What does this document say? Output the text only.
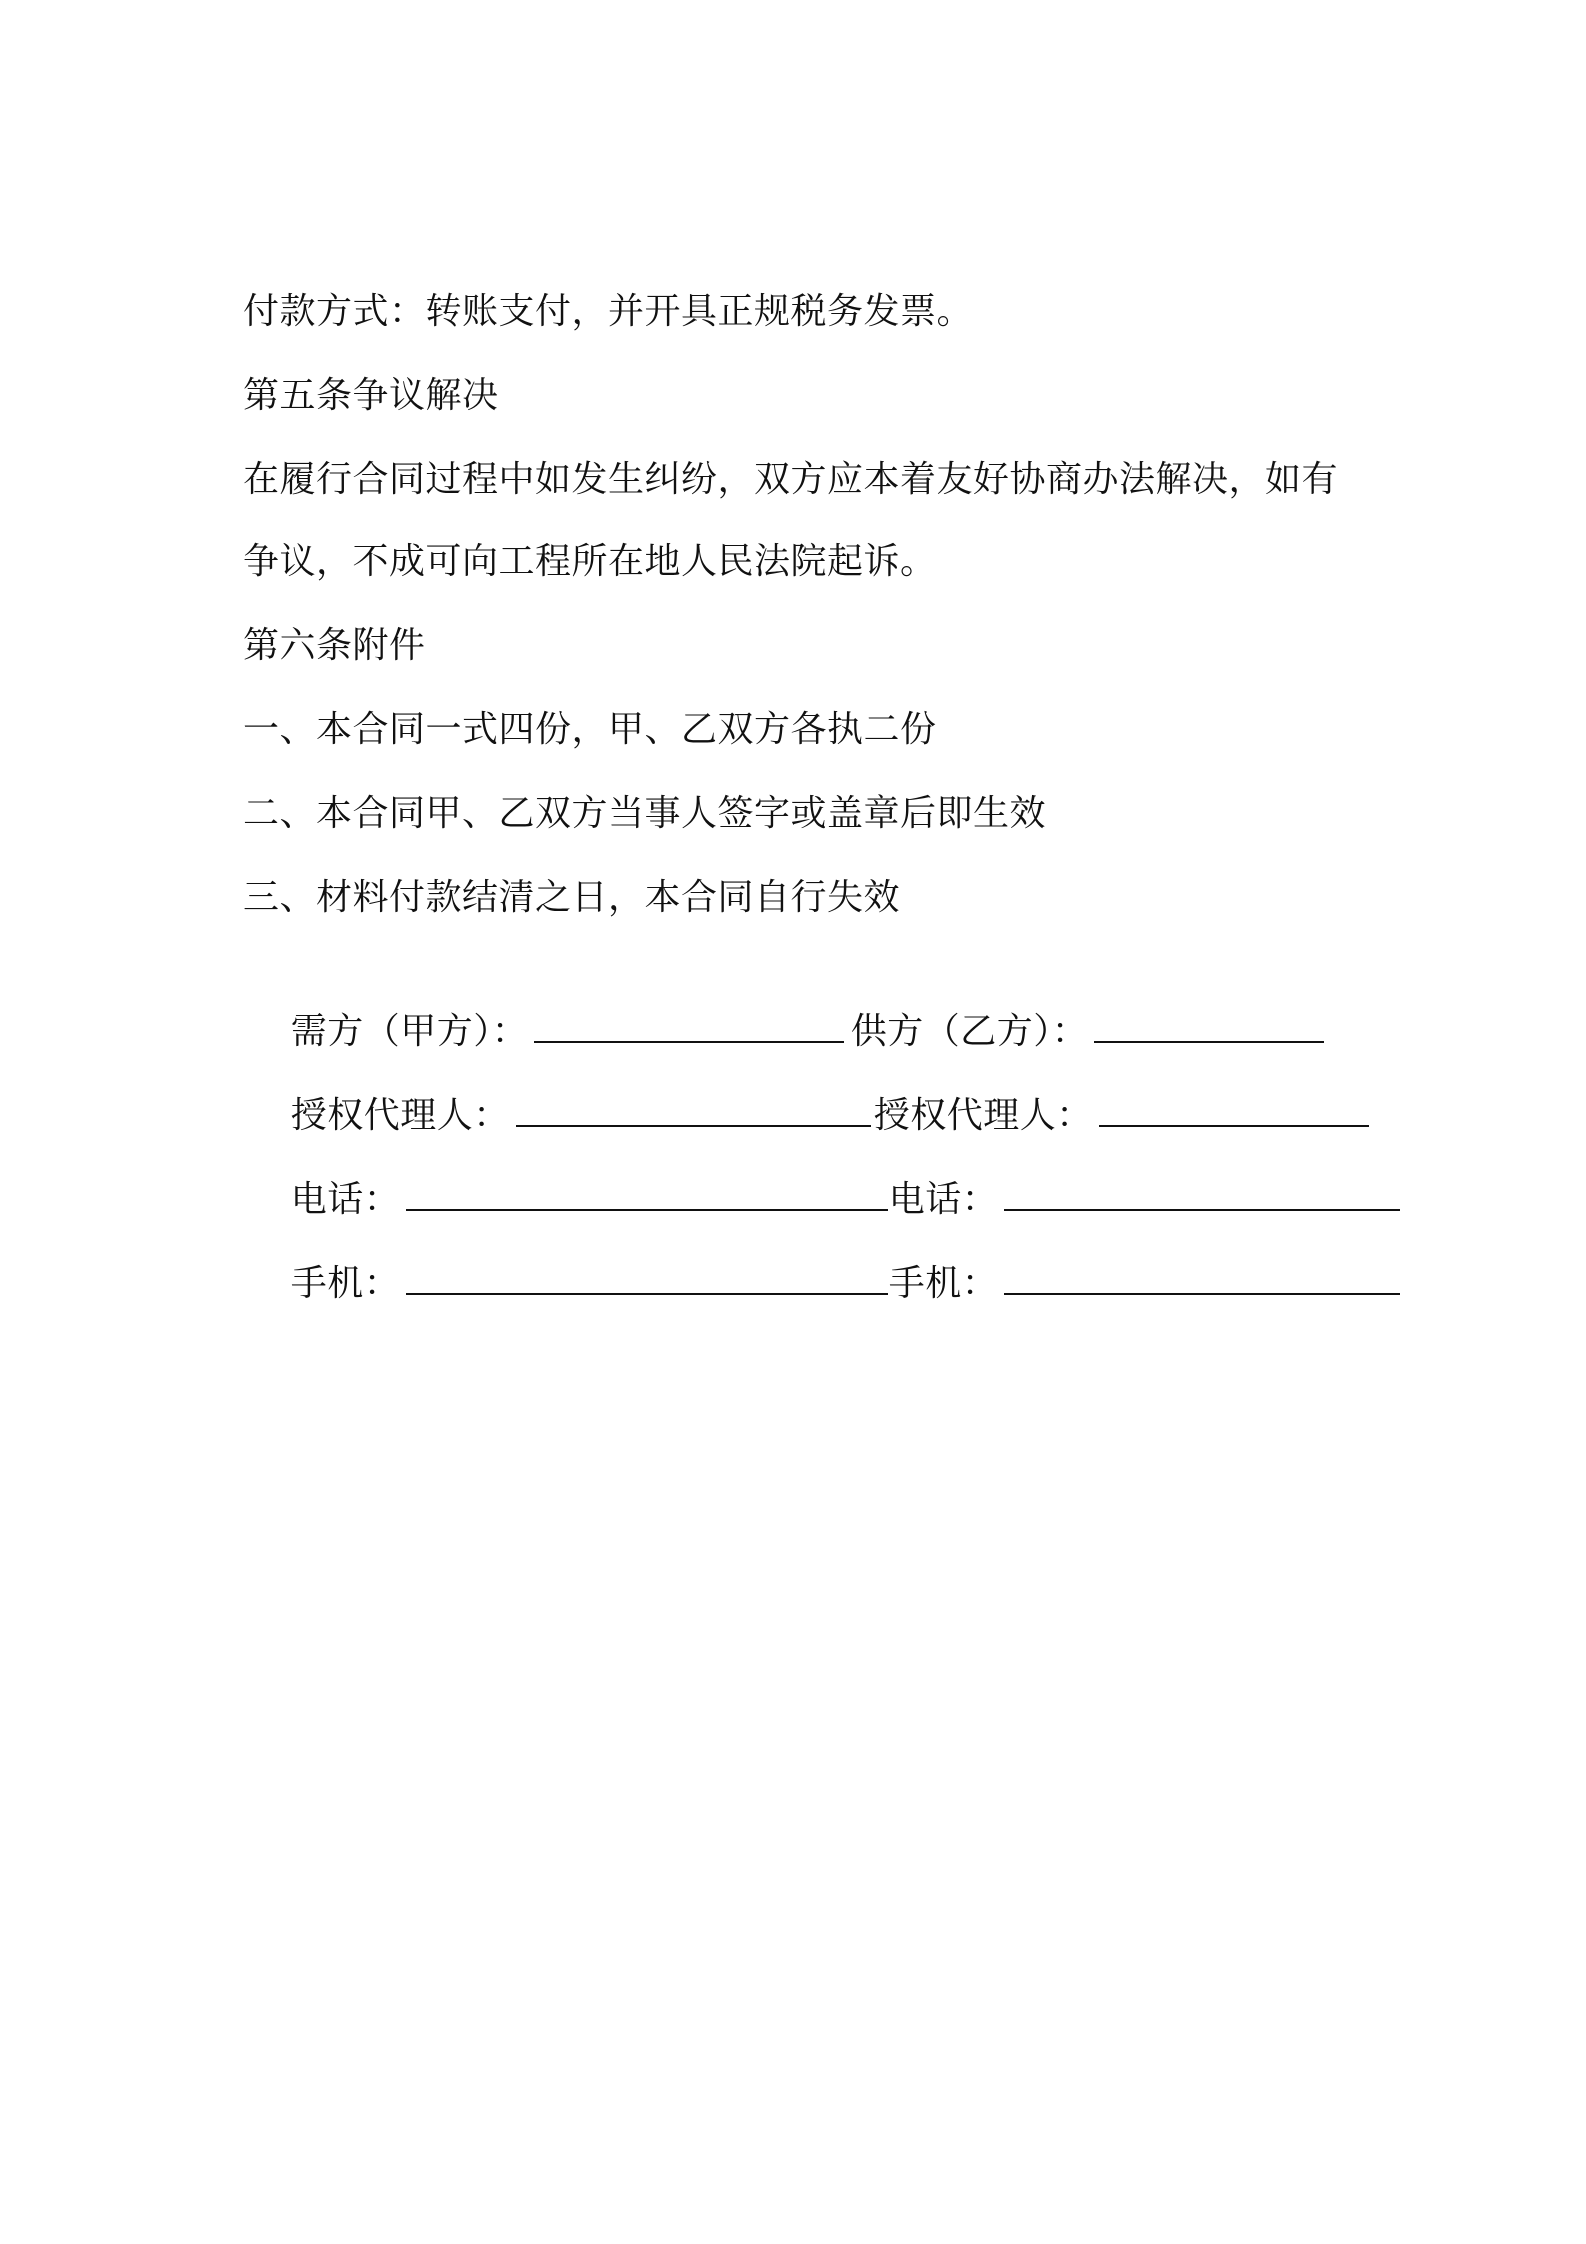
付款方式：转账支付，并开具正规税务发票。
第五条争议解决
在履行合同过程中如发生纠纷，双方应本着友好协商办法解决，如有
争议，不成可向工程所在地人民法院起诉。
第六条附件
一、本合同一式四份，甲、乙双方各执二份
二、本合同甲、乙双方当事人签字或盖章后即生效
三、材料付款结清之日，本合同自行失效

需方（甲方）：
	供方（乙方）：

授权代理人：
	授权代理人：

电话：
	电话：

手机：
	手机：
